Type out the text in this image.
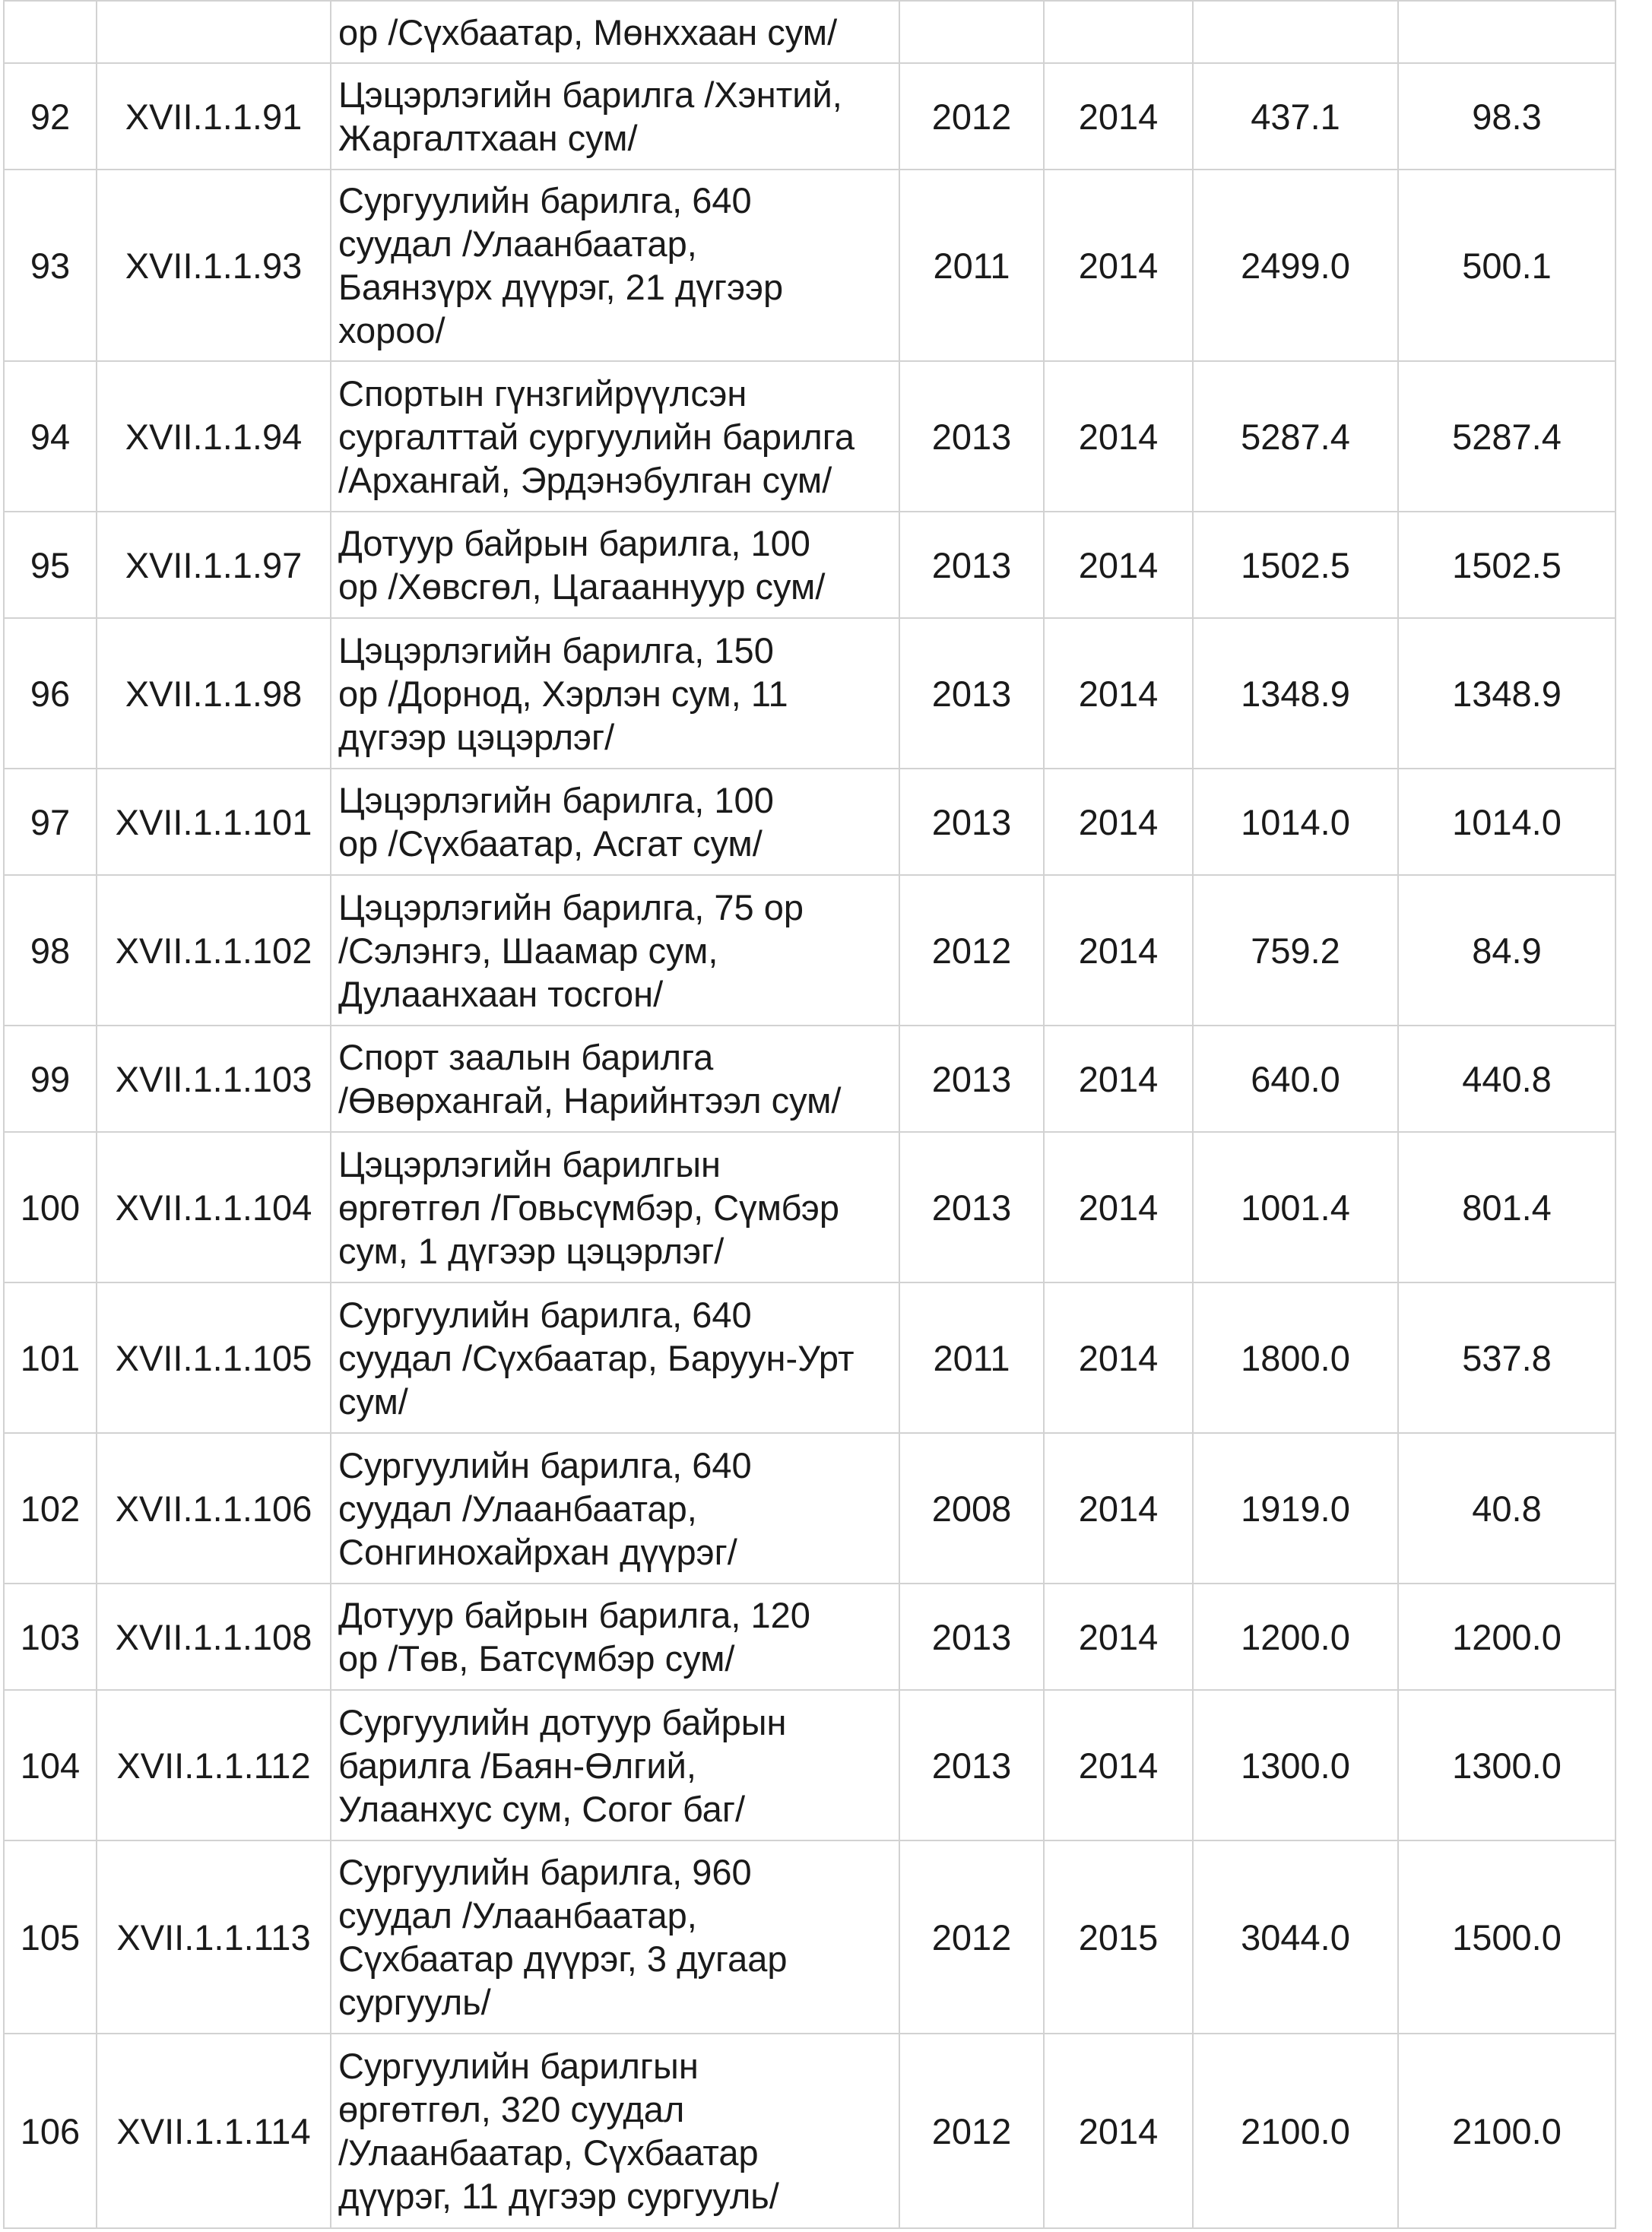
		ор /Сүхбаатар, Мөнххаан сум/				

92	XVII.1.1.91	Цэцэрлэгийн барилга /Хэнтий,
Жаргалтхаан сум/	2012	2014	437.1	98.3
93	XVII.1.1.93	Сургуулийн барилга, 640
суудал /Улаанбаатар,
Баянзүрх дүүрэг, 21 дүгээр
хороо/	2011	2014	2499.0	500.1
94	XVII.1.1.94	Спортын гүнзгийрүүлсэн
сургалттай сургуулийн барилга
/Архангай, Эрдэнэбулган сум/	2013	2014	5287.4	5287.4
95	XVII.1.1.97	Дотуур байрын барилга, 100
ор /Хөвсгөл, Цагааннуур сум/	2013	2014	1502.5	1502.5
96	XVII.1.1.98	Цэцэрлэгийн барилга, 150
ор /Дорнод, Хэрлэн сум, 11
дүгээр цэцэрлэг/	2013	2014	1348.9	1348.9
97	XVII.1.1.101	Цэцэрлэгийн барилга, 100
ор /Сүхбаатар, Асгат сум/	2013	2014	1014.0	1014.0
98	XVII.1.1.102	Цэцэрлэгийн барилга, 75 ор
/Сэлэнгэ, Шаамар сум,
Дулаанхаан тосгон/	2012	2014	759.2	84.9
99	XVII.1.1.103	Спорт заалын барилга
/Өвөрхангай, Нарийнтээл сум/	2013	2014	640.0	440.8
100	XVII.1.1.104	Цэцэрлэгийн барилгын
өргөтгөл /Говьсүмбэр, Сүмбэр
сум, 1 дүгээр цэцэрлэг/	2013	2014	1001.4	801.4
101	XVII.1.1.105	Сургуулийн барилга, 640
суудал /Сүхбаатар, Баруун-Урт
сум/	2011	2014	1800.0	537.8
102	XVII.1.1.106	Сургуулийн барилга, 640
суудал /Улаанбаатар,
Сонгинохайрхан дүүрэг/	2008	2014	1919.0	40.8
103	XVII.1.1.108	Дотуур байрын барилга, 120
ор /Төв, Батсүмбэр сум/	2013	2014	1200.0	1200.0
104	XVII.1.1.112	Сургуулийн дотуур байрын
барилга /Баян-Өлгий,
Улаанхус сум, Согог баг/	2013	2014	1300.0	1300.0
105	XVII.1.1.113	Сургуулийн барилга, 960
суудал /Улаанбаатар,
Сүхбаатар дүүрэг, 3 дугаар
сургууль/	2012	2015	3044.0	1500.0
106	XVII.1.1.114	Сургуулийн барилгын
өргөтгөл, 320 суудал
/Улаанбаатар, Сүхбаатар
дүүрэг, 11 дүгээр сургууль/	2012	2014	2100.0	2100.0
